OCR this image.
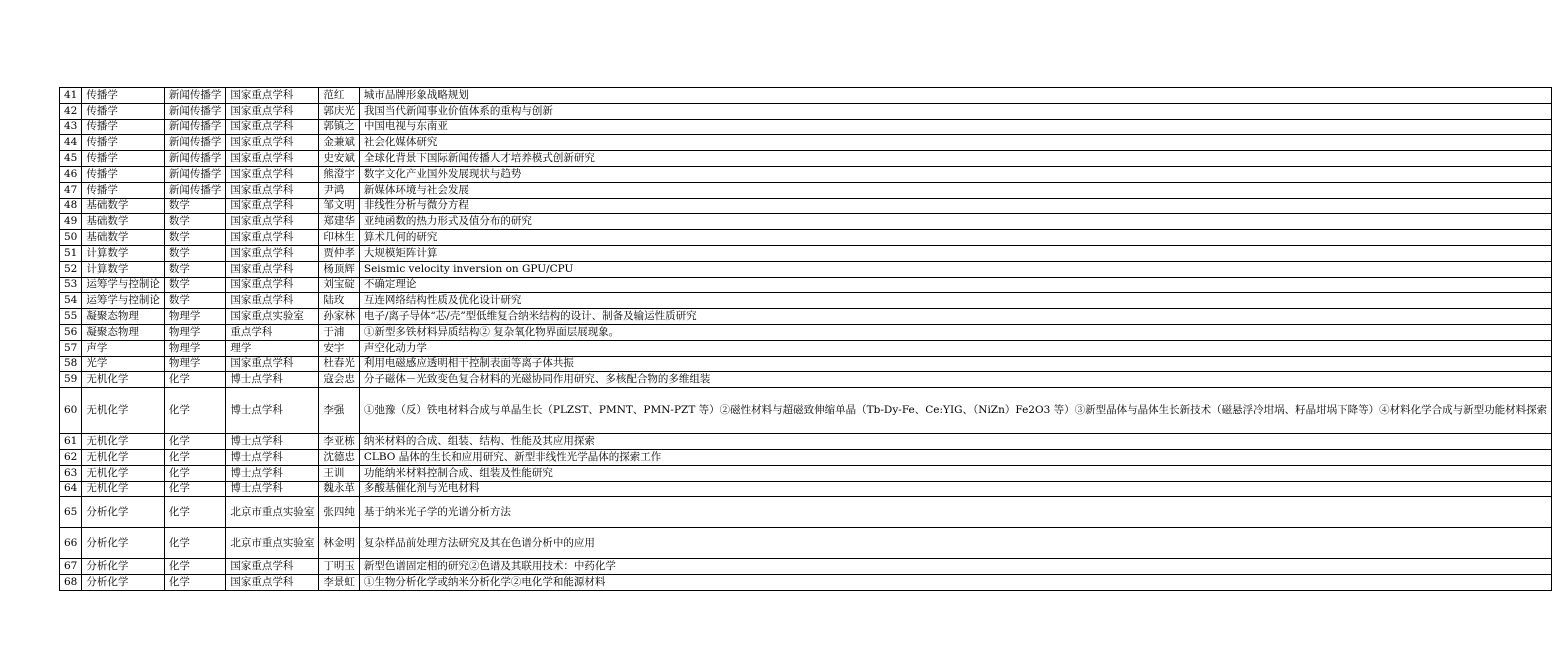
41	传播学	新闻传播学	国家重点学科	范红	城市品牌形象战略规划
42	传播学	新闻传播学	国家重点学科	郭庆光	我国当代新闻事业价值体系的重构与创新
43	传播学	新闻传播学	国家重点学科	郭镇之	中国电视与东南亚
44	传播学	新闻传播学	国家重点学科	金兼斌	社会化媒体研究
45	传播学	新闻传播学	国家重点学科	史安斌	全球化背景下国际新闻传播人才培养模式创新研究
46	传播学	新闻传播学	国家重点学科	熊澄宇	数字文化产业国外发展现状与趋势
47	传播学	新闻传播学	国家重点学科	尹鸿	新媒体环境与社会发展
48	基础数学	数学	国家重点学科	邹文明	非线性分析与微分方程
49	基础数学	数学	国家重点学科	郑建华	亚纯函数的热力形式及值分布的研究
50	基础数学	数学	国家重点学科	印林生	算术几何的研究
51	计算数学	数学	国家重点学科	贾仲孝	大规模矩阵计算
52	计算数学	数学	国家重点学科	杨顶辉	Seismic velocity inversion on GPU/CPU
53	运筹学与控制论	数学	国家重点学科	刘宝碇	不确定理论
54	运筹学与控制论	数学	国家重点学科	陆玫	互连网络结构性质及优化设计研究
55	凝聚态物理	物理学	国家重点实验室	孙家林	电子/离子导体“芯/壳”型低维复合纳米结构的设计、制备及输运性质研究
56	凝聚态物理	物理学	重点学科	于浦	①新型多铁材料异质结构② 复杂氧化物界面层展现象。
57	声学	物理学	理学	安宇	声空化动力学
58	光学	物理学	国家重点学科	杜春光	利用电磁感应透明相干控制表面等离子体共振
59	无机化学	化学	博士点学科	寇会忠	分子磁体－光致变色复合材料的光磁协同作用研究、多核配合物的多维组装
60	无机化学	化学	博士点学科	李强	①弛豫（反）铁电材料合成与单晶生长（PLZST、PMNT、PMN-PZT 等）②磁性材料与超磁致伸缩单晶（Tb-Dy-Fe、Ce:YIG、（NiZn）Fe2O3 等）③新型晶体与晶体生长新技术（磁悬浮冷坩埚、籽晶坩埚下降等）④材料化学合成与新型功能材料探索
61	无机化学	化学	博士点学科	李亚栋	纳米材料的合成、组装、结构、性能及其应用探索
62	无机化学	化学	博士点学科	沈德忠	CLBO 晶体的生长和应用研究、新型非线性光学晶体的探索工作
63	无机化学	化学	博士点学科	王训	功能纳米材料控制合成、组装及性能研究
64	无机化学	化学	博士点学科	魏永革	多酸基催化剂与光电材料
65	分析化学	化学	北京市重点实验室	张四纯	基于纳米光子学的光谱分析方法
66	分析化学	化学	北京市重点实验室	林金明	复杂样品前处理方法研究及其在色谱分析中的应用
67	分析化学	化学	国家重点学科	丁明玉	新型色谱固定相的研究②色谱及其联用技术：中药化学
68	分析化学	化学	国家重点学科	李景虹	①生物分析化学或纳米分析化学②电化学和能源材料
